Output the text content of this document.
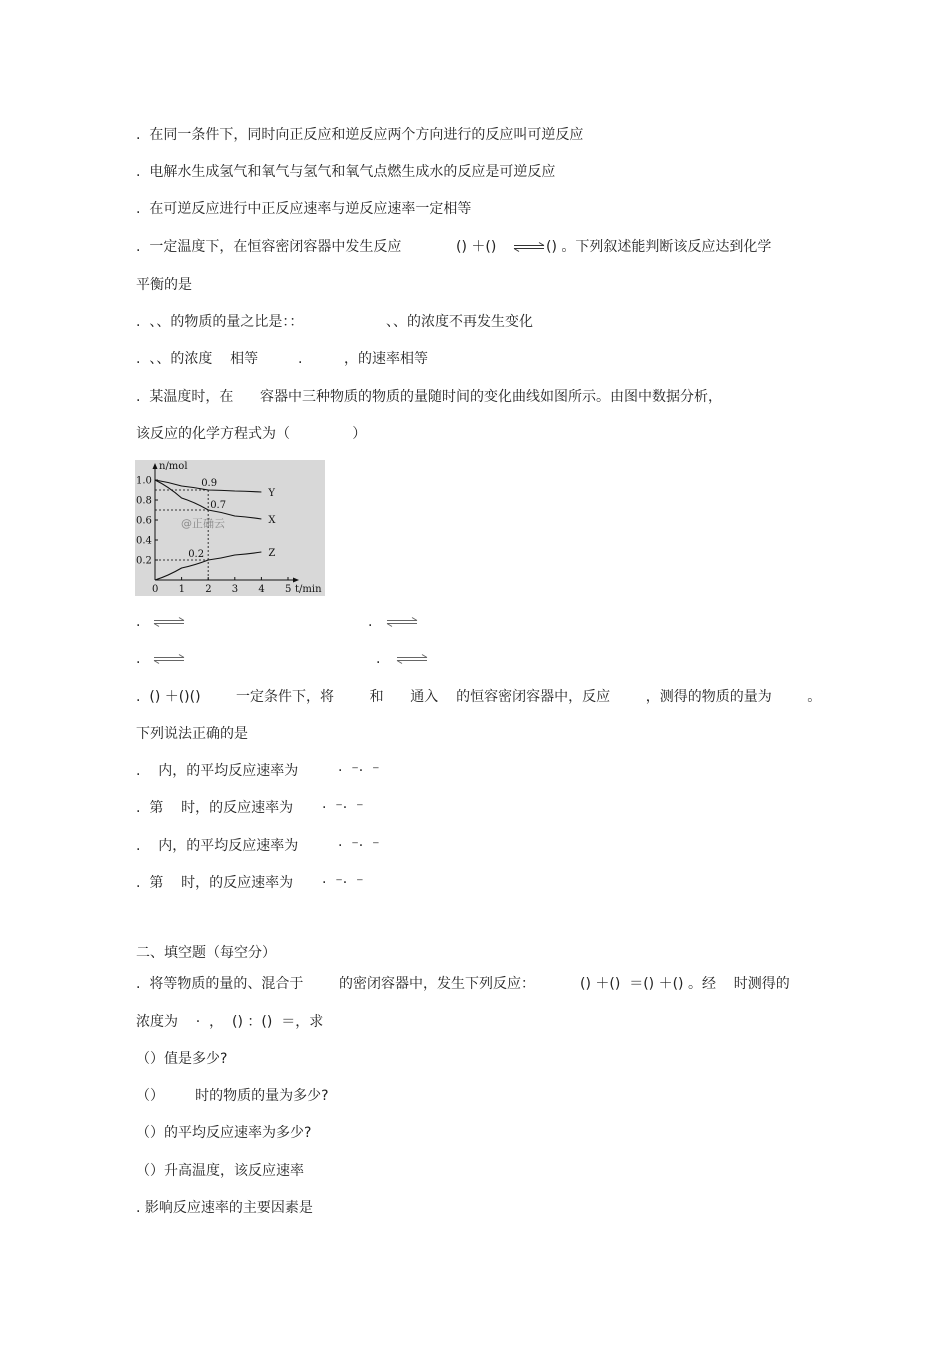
.  在同一条件下，同时向正反应和逆反应两个方向进行的反应叫可逆反应
.  电解水生成氢气和氧气与氢气和氧气点燃生成水的反应是可逆反应
.  在可逆反应进行中正反应速率与逆反应速率一定相等
.  一定温度下，在恒容密闭容器中发生反应	() ＋() ⇌ () 。下列叙述能判断该反应达到化学
平衡的是
.  、、的物质的量之比是：：	、、的浓度不再发生变化
.  、、的浓度    相等	.	，的速率相等
.  某温度时，在      容器中三种物质的物质的量随时间的变化曲线如图所示。由图中数据分析，
该反应的化学方程式为（              ）
0 1 2 3 4 5
1.0
0.8
0.6
0.4
0.2
Y
X
Z
0.9
0.7
0.2
n/mol
t/min
@正确云
. ⇌	. ⇌
. ⇌	. ⇌
.  () ＋()()	一定条件下，将        和      通入    的恒容密闭容器中，反应        ，测得的物质的量为        。
下列说法正确的是
.    内，的平均反应速率为	·  ⁻·  ⁻
.  第    时，的反应速率为 ·  ⁻·  ⁻
.    内，的平均反应速率为	·  ⁻·  ⁻
.  第    时，的反应速率为 ·  ⁻·  ⁻
二、填空题（每空分）
.  将等物质的量的、混合于        的密闭容器中，发生下列反应：	() ＋()  ＝() ＋() 。经    时测得的
浓度为    ·  ，  () ：()  ＝，求
（）值是多少?
（）       时的物质的量为多少?
（）的平均反应速率为多少?
（）升高温度，该反应速率
. 影响反应速率的主要因素是
